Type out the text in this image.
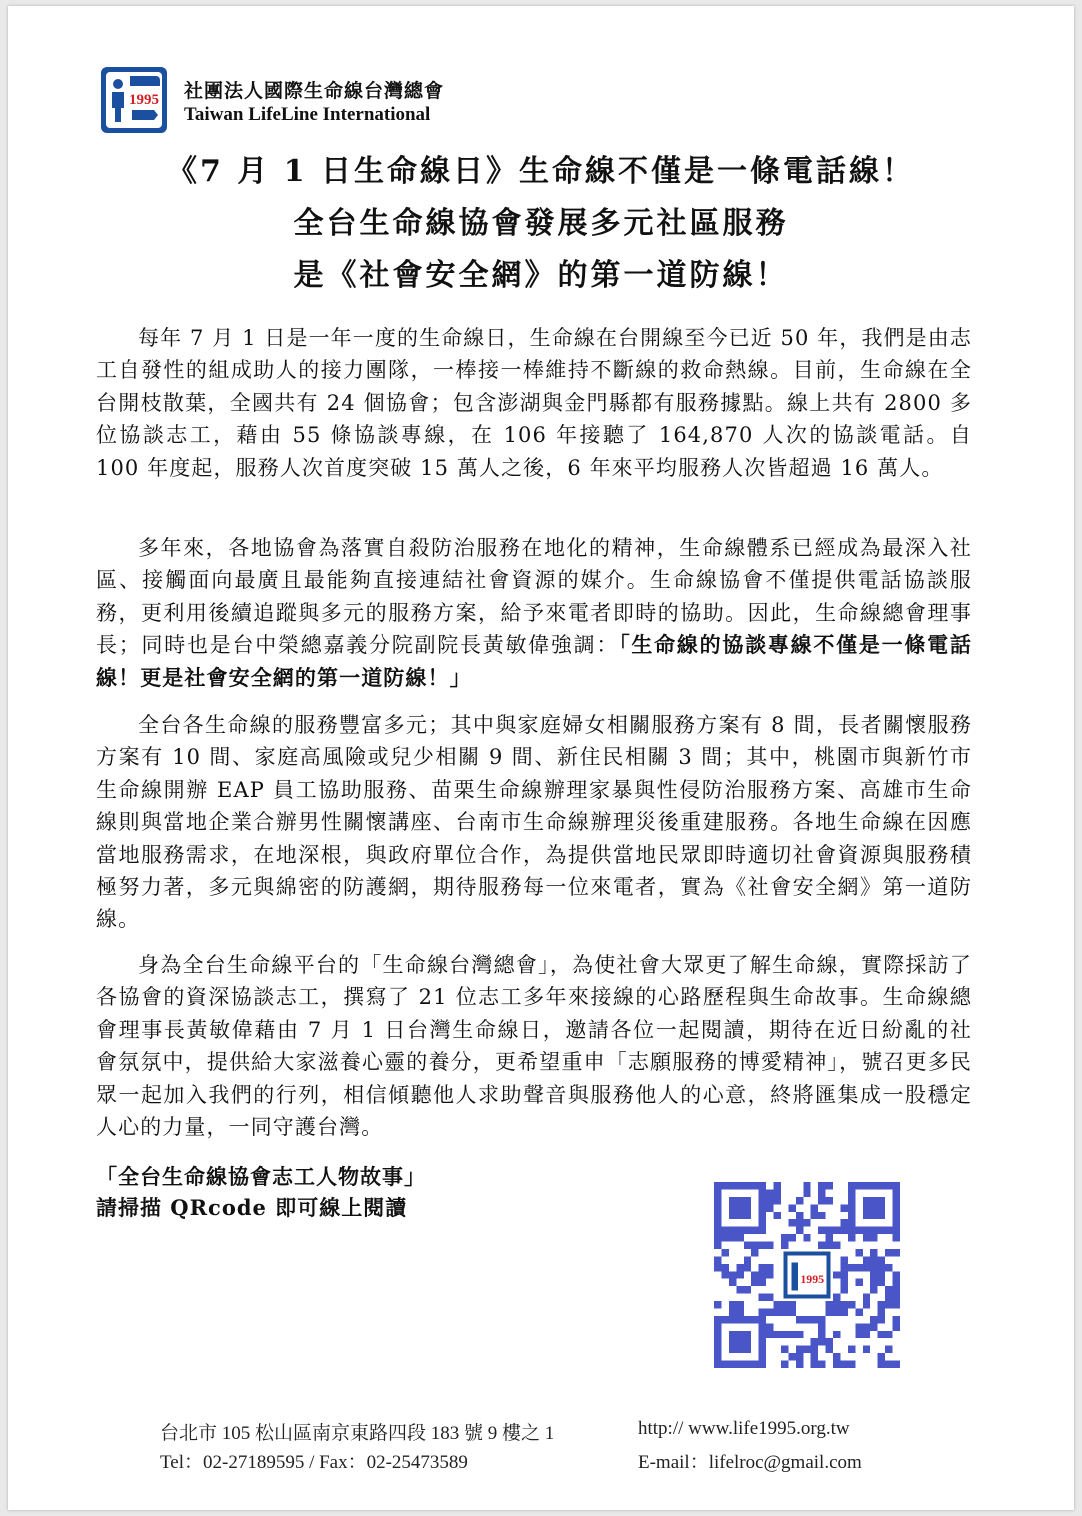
1995 社團法人國際生命線台灣總會
Taiwan LifeLine International
《7 月 1 日生命線日》生命線不僅是一條電話線！
全台生命線協會發展多元社區服務
是《社會安全網》的第一道防線！
每年 7 月 1 日是一年一度的生命線日，生命線在台開線至今已近 50 年，我們是由志工自發性的組成助人的接力團隊，一棒接一棒維持不斷線的救命熱線。目前，生命線在全台開枝散葉，全國共有 24 個協會；包含澎湖與金門縣都有服務據點。線上共有 2800 多位協談志工，藉由 55 條協談專線，在 106 年接聽了 164,870 人次的協談電話。自 100 年度起，服務人次首度突破 15 萬人之後，6 年來平均服務人次皆超過 16 萬人。
多年來，各地協會為落實自殺防治服務在地化的精神，生命線體系已經成為最深入社區、接觸面向最廣且最能夠直接連結社會資源的媒介。生命線協會不僅提供電話協談服務，更利用後續追蹤與多元的服務方案，給予來電者即時的協助。因此，生命線總會理事長；同時也是台中榮總嘉義分院副院長黃敏偉強調：「生命線的協談專線不僅是一條電話線！更是社會安全網的第一道防線！」
全台各生命線的服務豐富多元；其中與家庭婦女相關服務方案有 8 間，長者關懷服務方案有 10 間、家庭高風險或兒少相關 9 間、新住民相關 3 間；其中，桃園市與新竹市生命線開辦 EAP 員工協助服務、苗栗生命線辦理家暴與性侵防治服務方案、高雄市生命線則與當地企業合辦男性關懷講座、台南市生命線辦理災後重建服務。各地生命線在因應當地服務需求，在地深根，與政府單位合作，為提供當地民眾即時適切社會資源與服務積極努力著，多元與綿密的防護網，期待服務每一位來電者，實為《社會安全網》第一道防線。
身為全台生命線平台的「生命線台灣總會」，為使社會大眾更了解生命線，實際採訪了各協會的資深協談志工，撰寫了 21 位志工多年來接線的心路歷程與生命故事。生命線總會理事長黃敏偉藉由 7 月 1 日台灣生命線日，邀請各位一起閱讀，期待在近日紛亂的社會氛氛中，提供給大家滋養心靈的養分，更希望重申「志願服務的博愛精神」，號召更多民眾一起加入我們的行列，相信傾聽他人求助聲音與服務他人的心意，終將匯集成一股穩定人心的力量，一同守護台灣。
「全台生命線協會志工人物故事」
請掃描 QRcode 即可線上閱讀
1995
台北市 105 松山區南京東路四段 183 號 9 樓之 1	http:// www.life1995.org.tw
Tel：02-27189595 / Fax：02-25473589	E-mail：lifelroc@gmail.com
